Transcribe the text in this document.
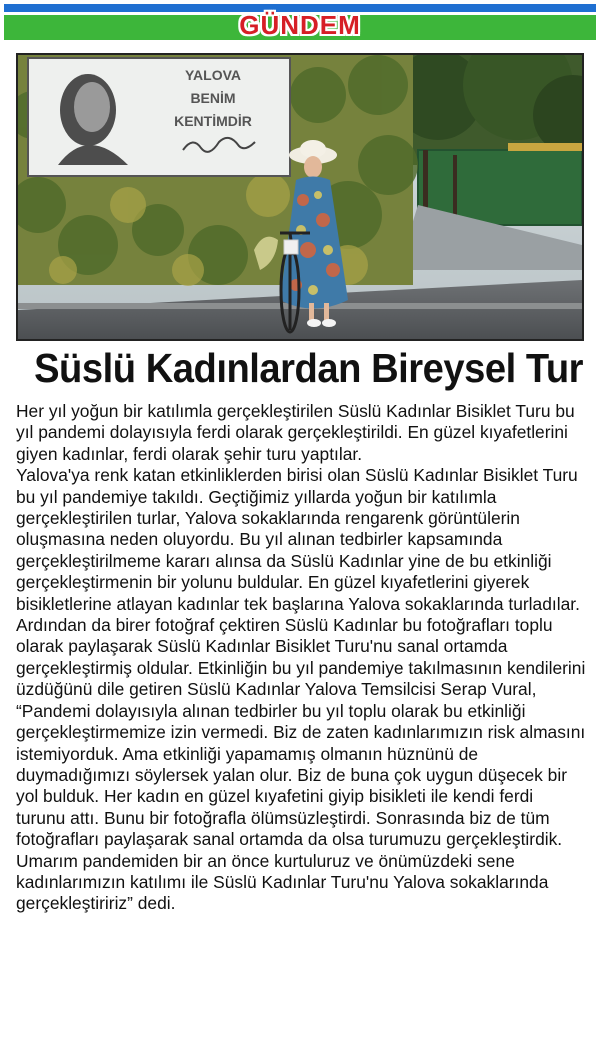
GÜNDEM
YALOVA
BENİM
KENTİMDİR
Süslü Kadınlardan Bireysel Tur

Her yıl yoğun bir katılımla gerçekleştirilen Süslü Kadınlar Bisiklet Turu bu yıl pandemi dolayısıyla ferdi olarak gerçekleştirildi. En güzel kıyafetlerini giyen kadınlar, ferdi olarak şehir turu yaptılar.

Yalova'ya renk katan etkinliklerden birisi olan Süslü Kadınlar Bisiklet Turu bu yıl pandemiye takıldı. Geçtiğimiz yıllarda yoğun bir katılımla gerçekleştirilen turlar, Yalova sokaklarında rengarenk görüntülerin oluşmasına neden oluyordu. Bu yıl alınan tedbirler kapsamında gerçekleştirilmeme kararı alınsa da Süslü Kadınlar yine de bu etkinliği gerçekleştirmenin bir yolunu buldular. En güzel kıyafetlerini giyerek bisikletlerine atlayan kadınlar tek başlarına Yalova sokaklarında turladılar. Ardından da birer fotoğraf çektiren Süslü Kadınlar bu fotoğrafları toplu olarak paylaşarak Süslü Kadınlar Bisiklet Turu'nu sanal ortamda gerçekleştirmiş oldular. Etkinliğin bu yıl pandemiye takılmasının kendilerini üzdüğünü dile getiren Süslü Kadınlar Yalova Temsilcisi Serap Vural, “Pandemi dolayısıyla alınan tedbirler bu yıl toplu olarak bu etkinliği gerçekleştirmemize izin vermedi. Biz de zaten kadınlarımızın risk almasını istemiyorduk. Ama etkinliği yapamamış olmanın hüznünü de duymadığımızı söylersek yalan olur. Biz de buna çok uygun düşecek bir yol bulduk. Her kadın en güzel kıyafetini giyip bisikleti ile kendi ferdi turunu attı. Bunu bir fotoğrafla ölümsüzleştirdi. Sonrasında biz de tüm fotoğrafları paylaşarak sanal ortamda da olsa turumuzu gerçekleştirdik. Umarım pandemiden bir an önce kurtuluruz ve önümüzdeki sene kadınlarımızın katılımı ile Süslü Kadınlar Turu'nu Yalova sokaklarında gerçekleştiririz” dedi.
